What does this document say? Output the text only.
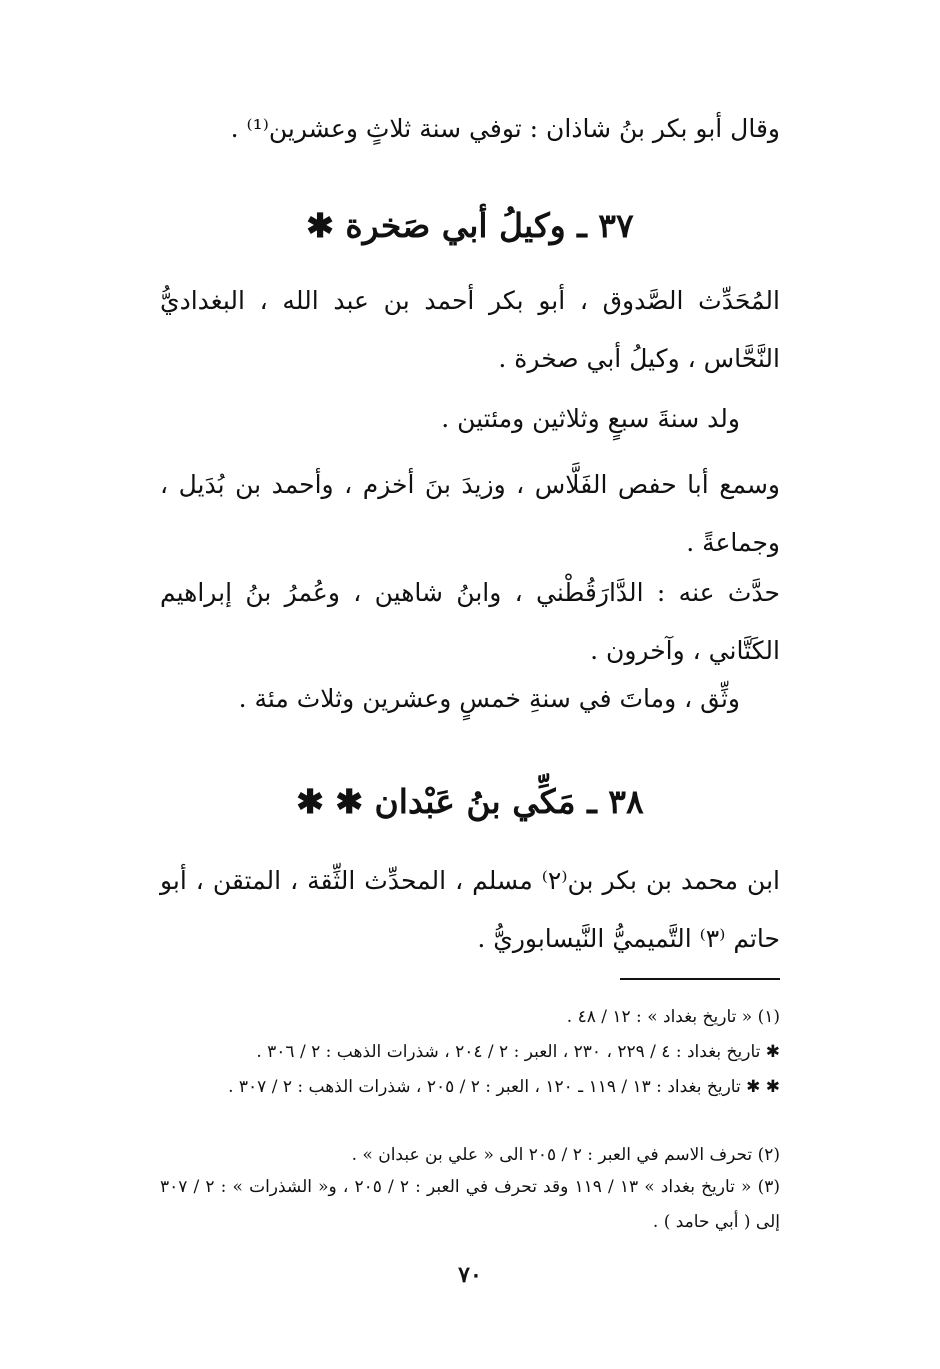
وقال أبو بكر بنُ شاذان : توفي سنة ثلاثٍ وعشرين⁽¹⁾ .
٣٧ ـ وكيلُ أبي صَخرة ✱
المُحَدِّث الصَّدوق ، أبو بكر أحمد بن عبد الله ، البغداديُّ النَّحَّاس ، وكيلُ أبي صخرة .
ولد سنةَ سبعٍ وثلاثين ومئتين .
وسمع أبا حفص الفَلَّاس ، وزيدَ بنَ أخزم ، وأحمد بن بُدَيل ، وجماعةً .
حدَّث عنه : الدَّارَقُطْني ، وابنُ شاهين ، وعُمرُ بنُ إبراهيم الكَتَّاني ، وآخرون .
وثِّق ، وماتَ في سنةِ خمسٍ وعشرين وثلاث مئة .
٣٨ ـ مَكِّي بنُ عَبْدان ✱ ✱
ابن محمد بن بكر بن⁽٢⁾ مسلم ، المحدِّث الثِّقة ، المتقن ، أبو حاتم ⁽٣⁾ التَّميميُّ النَّيسابوريُّ .
(١) « تاريخ بغداد » : ١٢ / ٤٨ .
✱ تاريخ بغداد : ٤ / ٢٢٩ ، ٢٣٠ ، العبر : ٢ / ٢٠٤ ، شذرات الذهب : ٢ / ٣٠٦ .
✱ ✱ تاريخ بغداد : ١٣ / ١١٩ ـ ١٢٠ ، العبر : ٢ / ٢٠٥ ، شذرات الذهب : ٢ / ٣٠٧ .
(٢) تحرف الاسم في العبر : ٢ / ٢٠٥ الى « علي بن عبدان » .
(٣) « تاريخ بغداد » ١٣ / ١١٩ وقد تحرف في العبر : ٢ / ٢٠٥ ، و« الشذرات » : ٢ / ٣٠٧ إلى ( أبي حامد ) .
٧٠
